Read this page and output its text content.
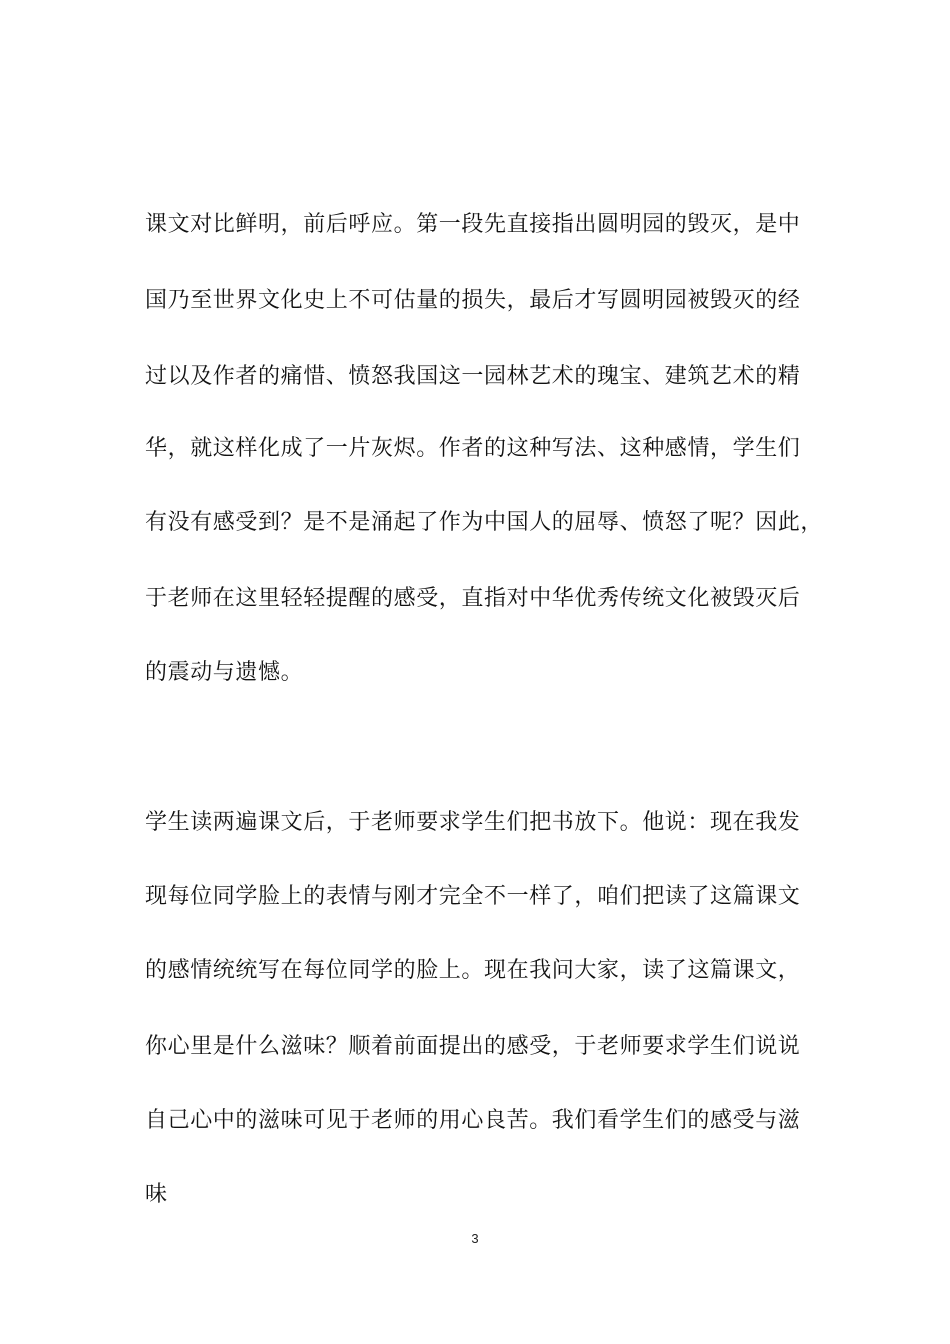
课文对比鲜明，前后呼应。第一段先直接指出圆明园的毁灭，是中
国乃至世界文化史上不可估量的损失，最后才写圆明园被毁灭的经
过以及作者的痛惜、愤怒我国这一园林艺术的瑰宝、建筑艺术的精
华，就这样化成了一片灰烬。作者的这种写法、这种感情，学生们
有没有感受到？是不是涌起了作为中国人的屈辱、愤怒了呢？因此，
于老师在这里轻轻提醒的感受，直指对中华优秀传统文化被毁灭后
的震动与遗憾。
学生读两遍课文后，于老师要求学生们把书放下。他说：现在我发
现每位同学脸上的表情与刚才完全不一样了，咱们把读了这篇课文
的感情统统写在每位同学的脸上。现在我问大家，读了这篇课文，
你心里是什么滋味？顺着前面提出的感受，于老师要求学生们说说
自己心中的滋味可见于老师的用心良苦。我们看学生们的感受与滋
味
3
